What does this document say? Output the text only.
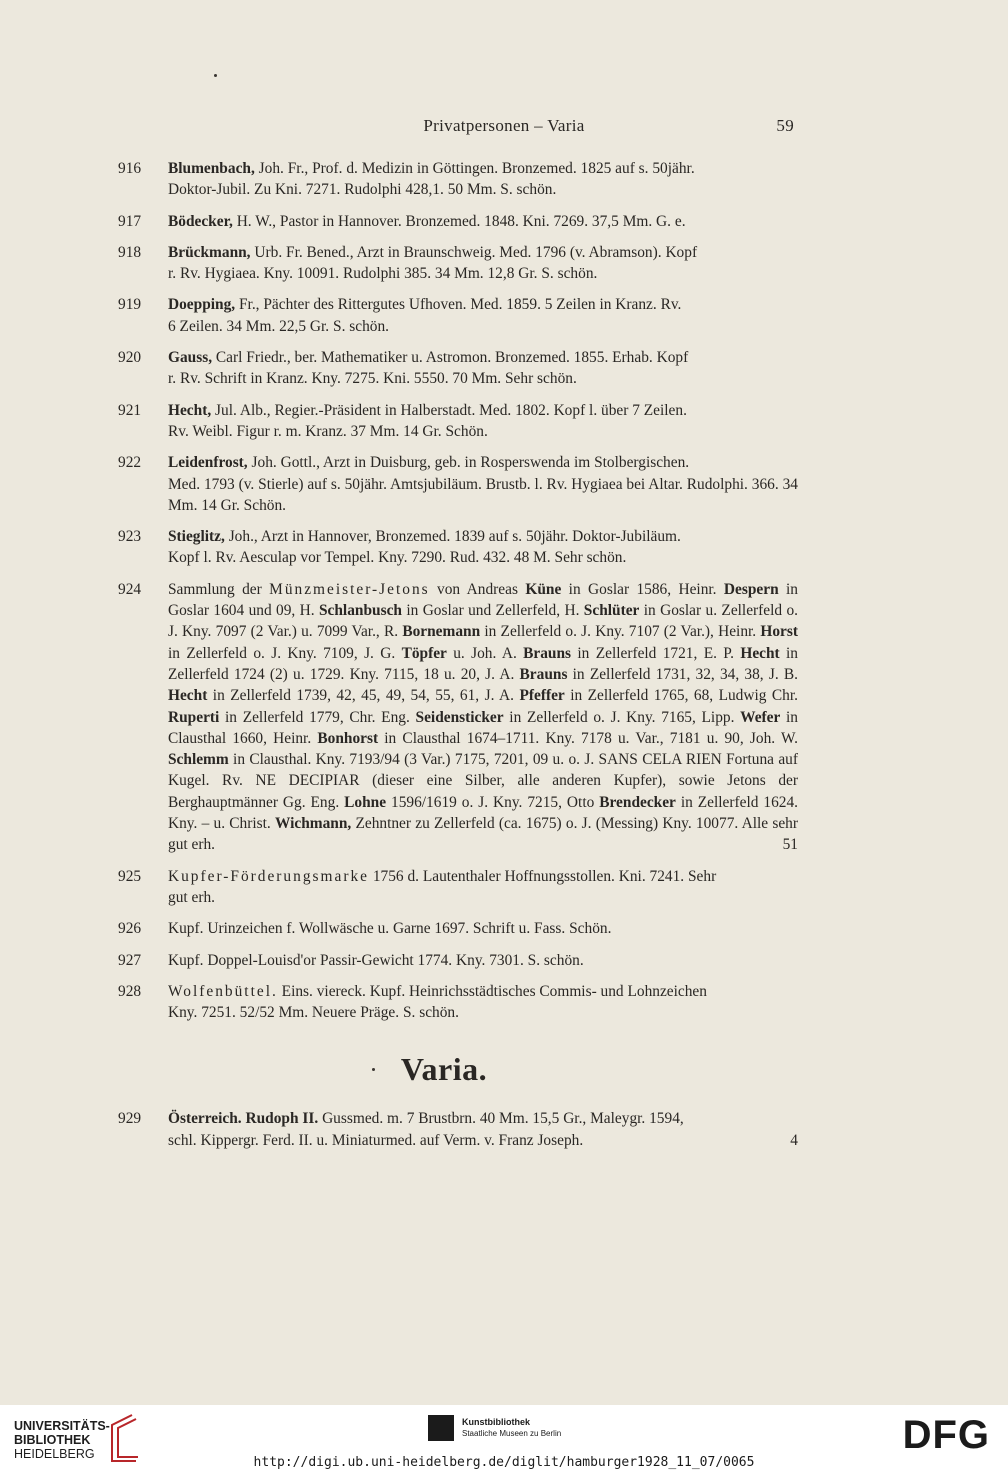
Privatpersonen – Varia	59
916 Blumenbach, Joh. Fr., Prof. d. Medizin in Göttingen. Bronzemed. 1825 auf s. 50jähr.
Doktor-Jubil. Zu Kni. 7271. Rudolphi 428,1. 50 Mm. S. schön.
917 Bödecker, H. W., Pastor in Hannover. Bronzemed. 1848. Kni. 7269. 37,5 Mm. G. e.
918 Brückmann, Urb. Fr. Bened., Arzt in Braunschweig. Med. 1796 (v. Abramson). Kopf
r. Rv. Hygiaea. Kny. 10091. Rudolphi 385. 34 Mm. 12,8 Gr. S. schön.
919 Doepping, Fr., Pächter des Rittergutes Ufhoven. Med. 1859. 5 Zeilen in Kranz. Rv.
6 Zeilen. 34 Mm. 22,5 Gr. S. schön.
920 Gauss, Carl Friedr., ber. Mathematiker u. Astromon. Bronzemed. 1855. Erhab. Kopf
r. Rv. Schrift in Kranz. Kny. 7275. Kni. 5550. 70 Mm. Sehr schön.
921 Hecht, Jul. Alb., Regier.-Präsident in Halberstadt. Med. 1802. Kopf l. über 7 Zeilen.
Rv. Weibl. Figur r. m. Kranz. 37 Mm. 14 Gr. Schön.
922 Leidenfrost, Joh. Gottl., Arzt in Duisburg, geb. in Rosperswenda im Stolbergischen.
Med. 1793 (v. Stierle) auf s. 50jähr. Amtsjubiläum. Brustb. l. Rv. Hygiaea bei Altar. Rudolphi. 366. 34 Mm. 14 Gr. Schön.
923 Stieglitz, Joh., Arzt in Hannover, Bronzemed. 1839 auf s. 50jähr. Doktor-Jubiläum.
Kopf l. Rv. Aesculap vor Tempel. Kny. 7290. Rud. 432. 48 M. Sehr schön.
924 Sammlung der Münzmeister-Jetons von Andreas Küne in Goslar 1586, Heinr. Despern in Goslar 1604 und 09, H. Schlanbusch in Goslar und Zellerfeld, H. Schlüter in Goslar u. Zellerfeld o. J. Kny. 7097 (2 Var.) u. 7099 Var., R. Bornemann in Zellerfeld o. J. Kny. 7107 (2 Var.), Heinr. Horst in Zellerfeld o. J. Kny. 7109, J. G. Töpfer u. Joh. A. Brauns in Zellerfeld 1721, E. P. Hecht in Zellerfeld 1724 (2) u. 1729. Kny. 7115, 18 u. 20, J. A. Brauns in Zellerfeld 1731, 32, 34, 38, J. B. Hecht in Zellerfeld 1739, 42, 45, 49, 54, 55, 61, J. A. Pfeffer in Zellerfeld 1765, 68, Ludwig Chr. Ruperti in Zellerfeld 1779, Chr. Eng. Seidensticker in Zellerfeld o. J. Kny. 7165, Lipp. Wefer in Clausthal 1660, Heinr. Bonhorst in Clausthal 1674–1711. Kny. 7178 u. Var., 7181 u. 90, Joh. W. Schlemm in Clausthal. Kny. 7193/94 (3 Var.) 7175, 7201, 09 u. o. J. SANS CELA RIEN Fortuna auf Kugel. Rv. NE DECIPIAR (dieser eine Silber, alle anderen Kupfer), sowie Jetons der Berghauptmänner Gg. Eng. Lohne 1596/1619 o. J. Kny. 7215, Otto Brendecker in Zellerfeld 1624. Kny. – u. Christ. Wichmann, Zehntner zu Zellerfeld (ca. 1675) o. J. (Messing) Kny. 10077. Alle sehr gut erh.	51
925 Kupfer-Förderungsmarke 1756 d. Lautenthaler Hoffnungsstollen. Kni. 7241. Sehr
gut erh.
926 Kupf. Urinzeichen f. Wollwäsche u. Garne 1697. Schrift u. Fass. Schön.
927 Kupf. Doppel-Louisd'or Passir-Gewicht 1774. Kny. 7301. S. schön.
928 Wolfenbüttel. Eins. viereck. Kupf. Heinrichsstädtisches Commis- und Lohnzeichen
Kny. 7251. 52/52 Mm. Neuere Präge. S. schön.
Varia.
929 Österreich. Rudoph II. Gussmed. m. 7 Brustbrn. 40 Mm. 15,5 Gr., Maleygr. 1594,
schl. Kippergr. Ferd. II. u. Miniaturmed. auf Verm. v. Franz Joseph.	4
UNIVERSITÄTS-
BIBLIOTHEK
HEIDELBERG
Kunstbibliothek
Staatliche Museen zu Berlin	DFG
http://digi.ub.uni-heidelberg.de/diglit/hamburger1928_11_07/0065
